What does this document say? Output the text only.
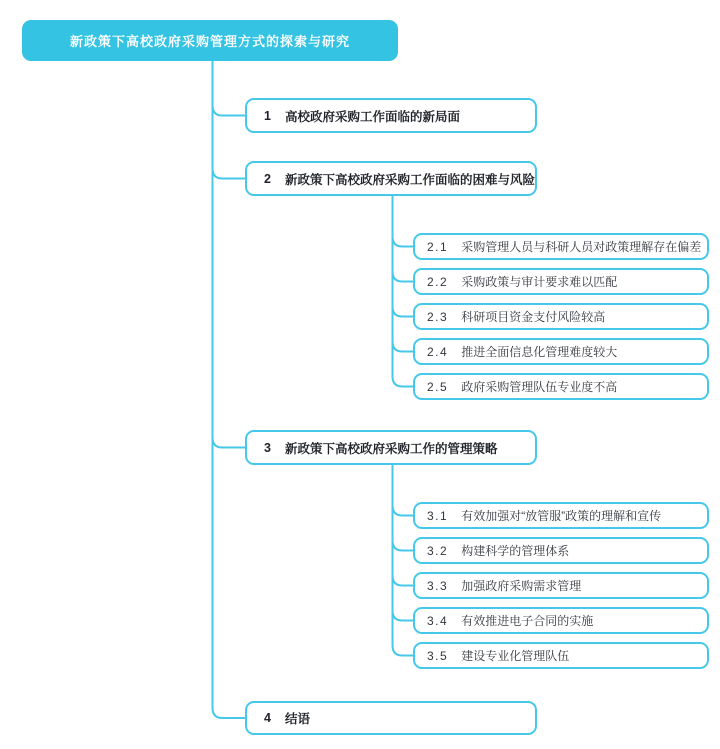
新政策下高校政府采购管理方式的探索与研究
1 高校政府采购工作面临的新局面
2 新政策下高校政府采购工作面临的困难与风险
3 新政策下高校政府采购工作的管理策略
4 结语
2.1 采购管理人员与科研人员对政策理解存在偏差
2.2 采购政策与审计要求难以匹配
2.3 科研项目资金支付风险较高
2.4 推进全面信息化管理难度较大
2.5 政府采购管理队伍专业度不高
3.1 有效加强对“放管服”政策的理解和宣传
3.2 构建科学的管理体系
3.3 加强政府采购需求管理
3.4 有效推进电子合同的实施
3.5 建设专业化管理队伍
